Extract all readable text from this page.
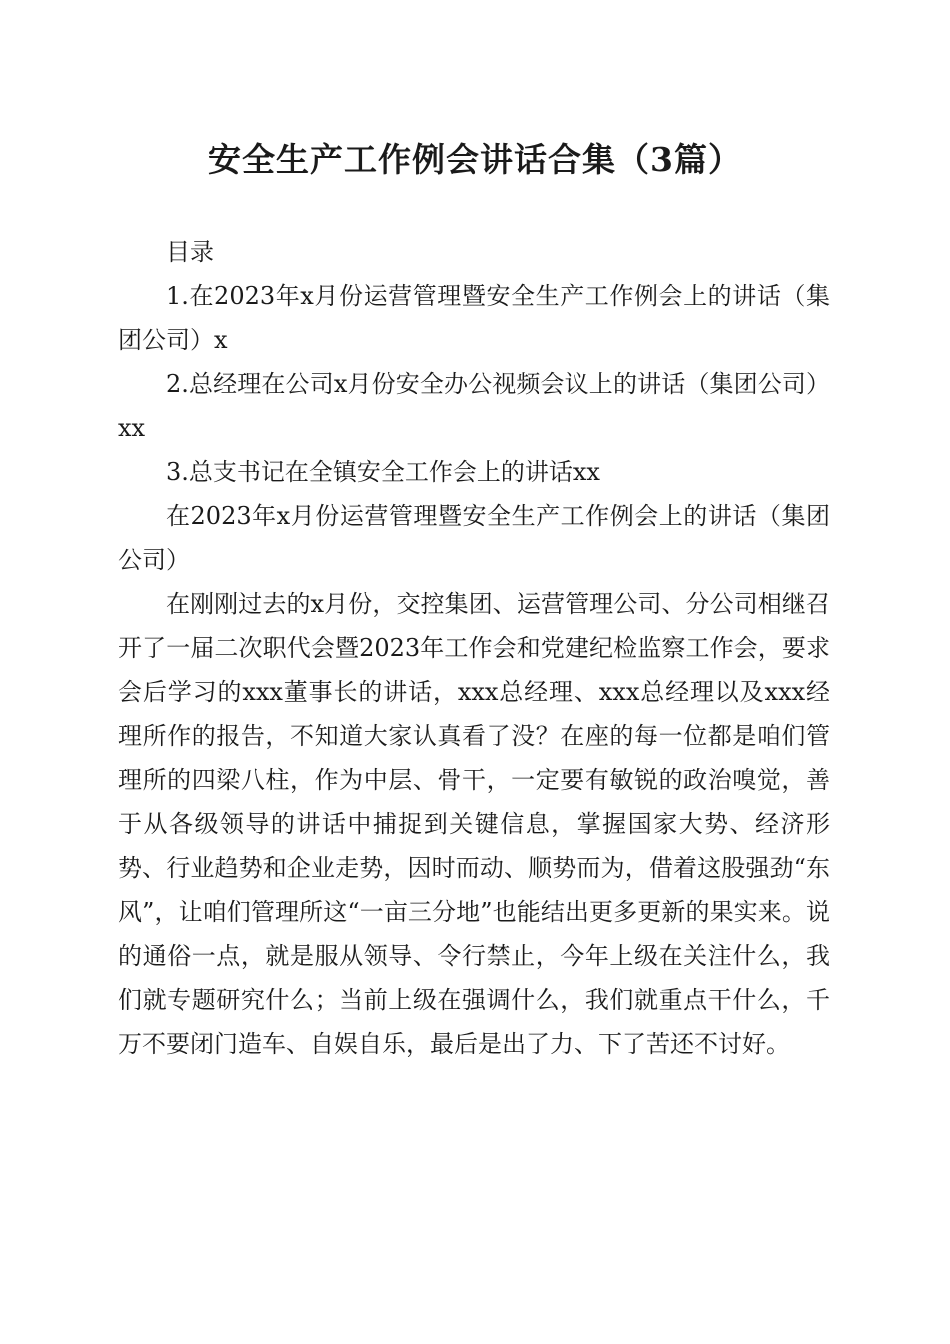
安全生产工作例会讲话合集（3篇）

目录

1.在2023年x月份运营管理暨安全生产工作例会上的讲话（集团公司）x

2.总经理在公司x月份安全办公视频会议上的讲话（集团公司）xx

3.总支书记在全镇安全工作会上的讲话xx

在2023年x月份运营管理暨安全生产工作例会上的讲话（集团公司）

在刚刚过去的x月份，交控集团、运营管理公司、分公司相继召开了一届二次职代会暨2023年工作会和党建纪检监察工作会，要求会后学习的xxx董事长的讲话，xxx总经理、xxx总经理以及xxx经理所作的报告，不知道大家认真看了没？在座的每一位都是咱们管理所的四梁八柱，作为中层、骨干，一定要有敏锐的政治嗅觉，善于从各级领导的讲话中捕捉到关键信息，掌握国家大势、经济形势、行业趋势和企业走势，因时而动、顺势而为，借着这股强劲“东风”，让咱们管理所这“一亩三分地”也能结出更多更新的果实来。说的通俗一点，就是服从领导、令行禁止，今年上级在关注什么，我们就专题研究什么；当前上级在强调什么，我们就重点干什么，千万不要闭门造车、自娱自乐，最后是出了力、下了苦还不讨好。
